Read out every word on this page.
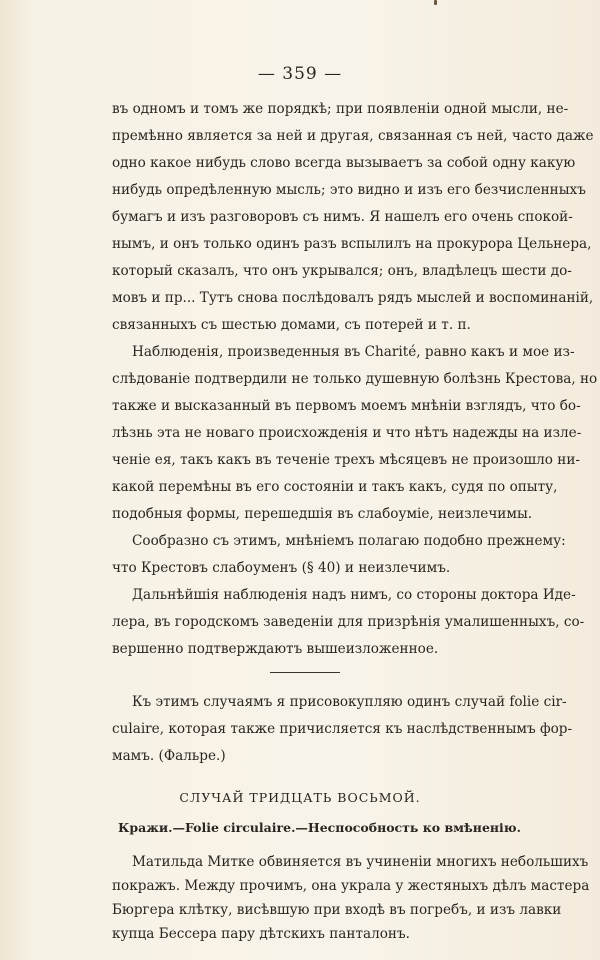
— 359 —
въ одномъ и томъ же порядкѣ; при появленіи одной мысли, не-
премѣнно является за ней и другая, связанная съ ней, часто даже
одно какое нибудь слово всегда вызываетъ за собой одну какую
нибудь опредѣленную мысль; это видно и изъ его безчисленныхъ
бумагъ и изъ разговоровъ съ нимъ. Я нашелъ его очень спокой-
нымъ, и онъ только одинъ разъ вспылилъ на прокурора Цельнера,
который сказалъ, что онъ укрывался; онъ, владѣлецъ шести до-
мовъ и пр... Тутъ снова послѣдовалъ рядъ мыслей и воспоминаній,
связанныхъ съ шестью домами, съ потерей и т. п.
Наблюденія, произведенныя въ Charité, равно какъ и мое из-
слѣдованіе подтвердили не только душевную болѣзнь Крестова, но
также и высказанный въ первомъ моемъ мнѣніи взглядъ, что бо-
лѣзнь эта не новаго происхожденія и что нѣтъ надежды на изле-
ченіе ея, такъ какъ въ теченіе трехъ мѣсяцевъ не произошло ни-
какой перемѣны въ его состояніи и такъ какъ, судя по опыту,
подобныя формы, перешедшія въ слабоуміе, неизлечимы.
Сообразно съ этимъ, мнѣніемъ полагаю подобно прежнему:
что Крестовъ слабоуменъ (§ 40) и неизлечимъ.
Дальнѣйшія наблюденія надъ нимъ, со стороны доктора Иде-
лера, въ городскомъ заведеніи для призрѣнія умалишенныхъ, со-
вершенно подтверждаютъ вышеизложенное.
Къ этимъ случаямъ я присовокупляю одинъ случай folie cir-
culaire, которая также причисляется къ наслѣдственнымъ фор-
мамъ. (Фальре.)
СЛУЧАЙ ТРИДЦАТЬ ВОСЬМОЙ.
Кражи.—Folie circulaire.—Неспособность ко вмѣненію.
Матильда Митке обвиняется въ учиненіи многихъ небольшихъ
покражъ. Между прочимъ, она украла у жестяныхъ дѣлъ мастера
Бюргера клѣтку, висѣвшую при входѣ въ погребъ, и изъ лавки
купца Бессера пару дѣтскихъ панталонъ.
